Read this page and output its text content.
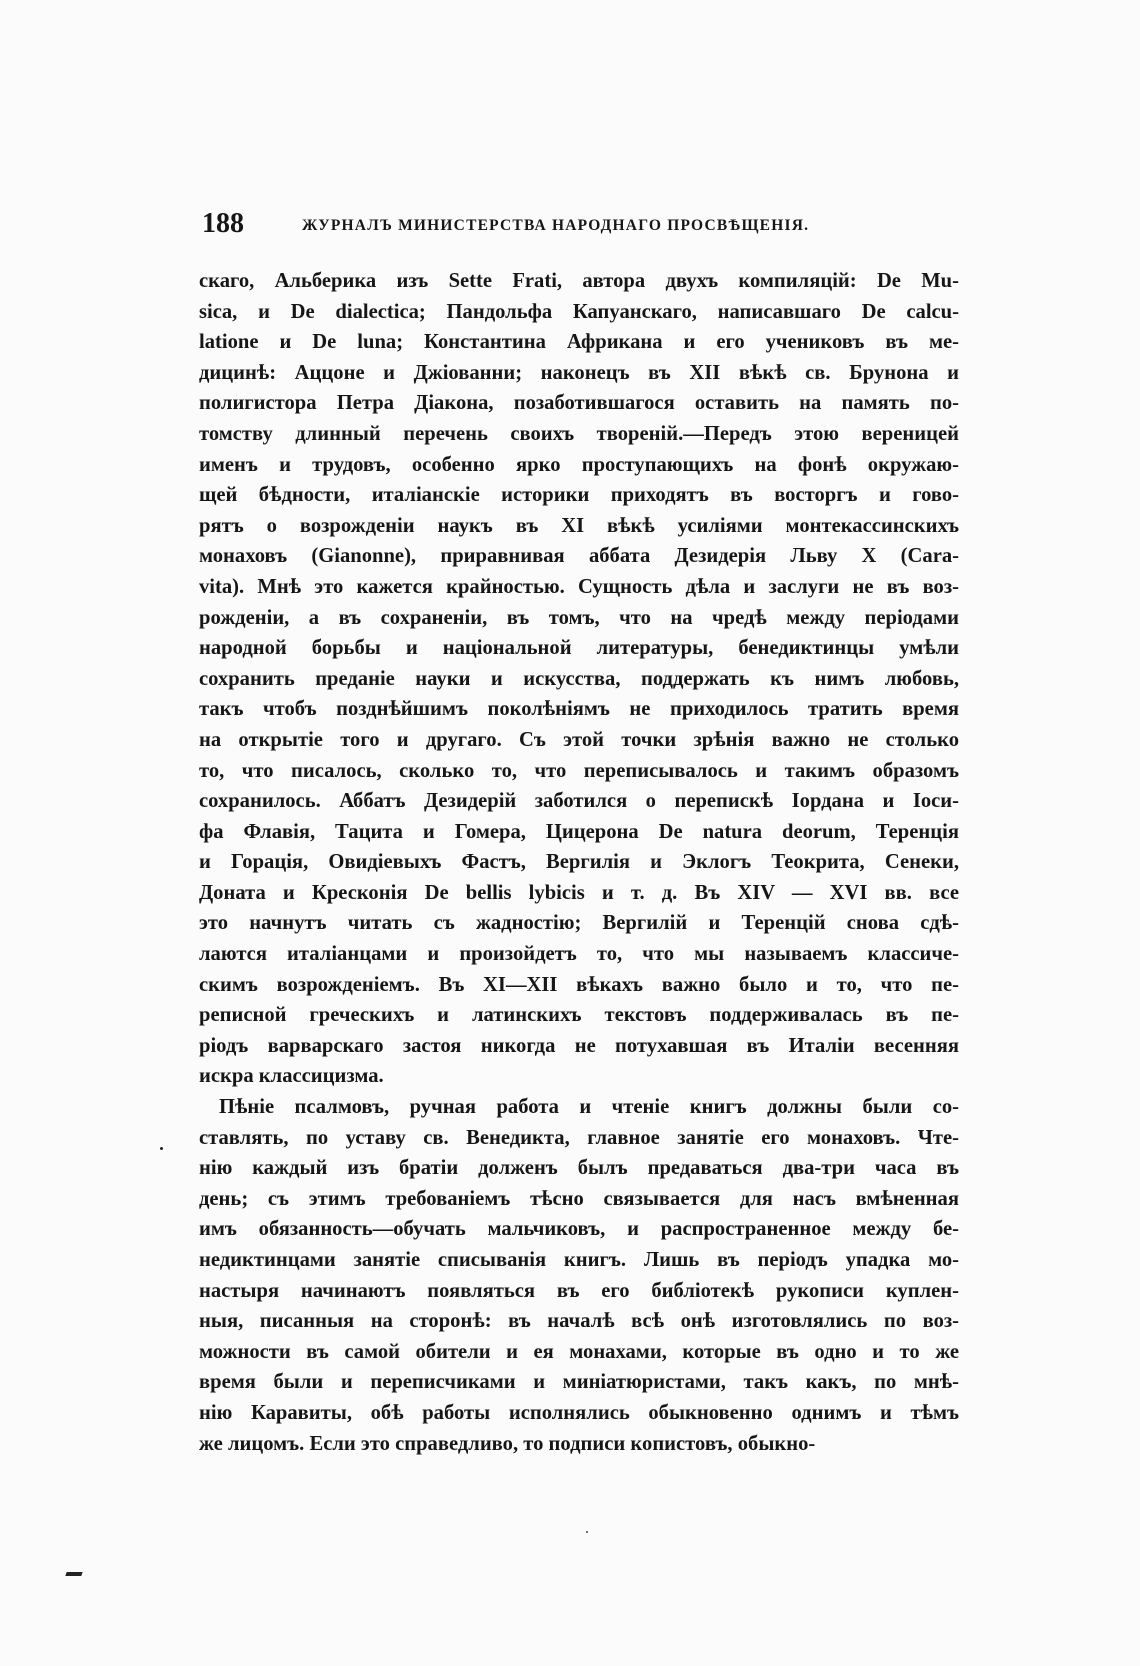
188	ЖУРНАЛЪ МИНИСТЕРСТВА НАРОДНАГО ПРОСВѢЩЕНІЯ.
скаго, Альберика изъ Sette Frati, автора двухъ компиляцій: De Mu-
sica, и De dialectica; Пандольфа Капуанскаго, написавшаго De calcu-
latione и De luna; Константина Африкана и его учениковъ въ ме-
дицинѣ: Аццоне и Джіованни; наконецъ въ XII вѣкѣ св. Брунона и
полигистора Петра Діакона, позаботившагося оставить на память по-
томству длинный перечень своихъ твореній.—Передъ этою вереницей
именъ и трудовъ, особенно ярко проступающихъ на фонѣ окружаю-
щей бѣдности, италіанскіе историки приходятъ въ восторгъ и гово-
рятъ о возрожденіи наукъ въ XI вѣкѣ усиліями монтекассинскихъ
монаховъ (Gianonne), приравнивая аббата Дезидерія Льву X (Cara-
vita). Мнѣ это кажется крайностью. Сущность дѣла и заслуги не въ воз-
рожденіи, а въ сохраненіи, въ томъ, что на чредѣ между періодами
народной борьбы и національной литературы, бенедиктинцы умѣли
сохранить преданіе науки и искусства, поддержать къ нимъ любовь,
такъ чтобъ позднѣйшимъ поколѣніямъ не приходилось тратить время
на открытіе того и другаго. Съ этой точки зрѣнія важно не столько
то, что писалось, сколько то, что переписывалось и такимъ образомъ
сохранилось. Аббатъ Дезидерій заботился о перепискѣ Іордана и Іоси-
фа Флавія, Тацита и Гомера, Цицерона De natura deorum, Теренція
и Горація, Овидіевыхъ Фастъ, Вергилія и Эклогъ Теокрита, Сенеки,
Доната и Кресконія De bellis lybicis и т. д. Въ XIV — XVI вв. все
это начнутъ читать съ жадностію; Вергилій и Теренцій снова сдѣ-
лаются италіанцами и произойдетъ то, что мы называемъ классиче-
скимъ возрожденіемъ. Въ XI—XII вѣкахъ важно было и то, что пе-
реписной греческихъ и латинскихъ текстовъ поддерживалась въ пе-
ріодъ варварскаго застоя никогда не потухавшая въ Италіи весенняя
искра классицизма.
Пѣніе псалмовъ, ручная работа и чтеніе книгъ должны были со-
ставлять, по уставу св. Венедикта, главное занятіе его монаховъ. Чте-
нію каждый изъ братіи долженъ былъ предаваться два-три часа въ
день; съ этимъ требованіемъ тѣсно связывается для насъ вмѣненная
имъ обязанность—обучать мальчиковъ, и распространенное между бе-
недиктинцами занятіе списыванія книгъ. Лишь въ періодъ упадка мо-
настыря начинаютъ появляться въ его библіотекѣ рукописи куплен-
ныя, писанныя на сторонѣ: въ началѣ всѣ онѣ изготовлялись по воз-
можности въ самой обители и ея монахами, которые въ одно и то же
время были и переписчиками и миніатюристами, такъ какъ, по мнѣ-
нію Каравиты, обѣ работы исполнялись обыкновенно однимъ и тѣмъ
же лицомъ. Если это справедливо, то подписи копистовъ, обыкно-
